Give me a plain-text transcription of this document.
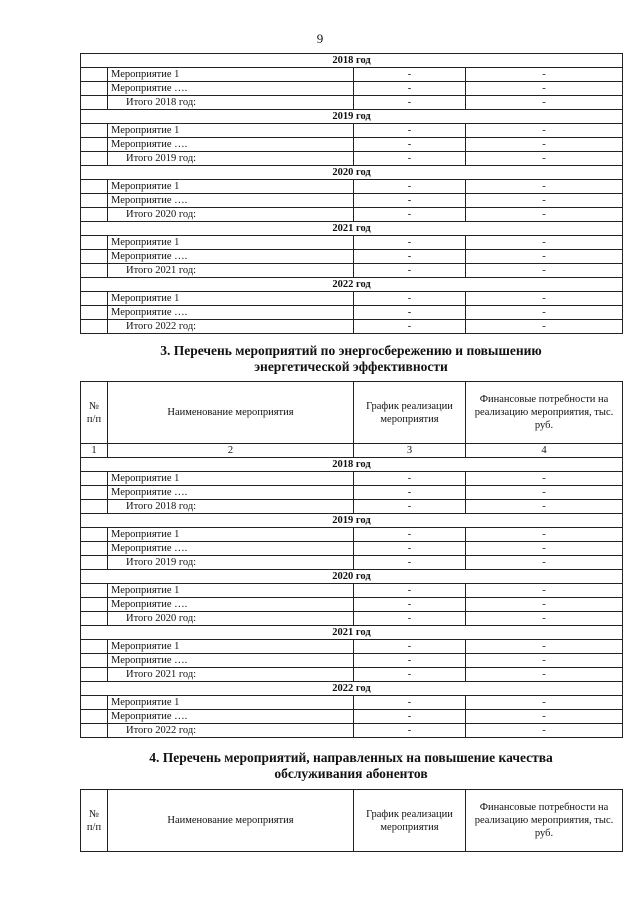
9
2018 год			
	Мероприятие 1	-	-
	Мероприятие ….	-	-
	Итого 2018 год:	-	-
2019 год			
	Мероприятие 1	-	-
	Мероприятие ….	-	-
	Итого 2019 год:	-	-
2020 год			
	Мероприятие 1	-	-
	Мероприятие ….	-	-
	Итого 2020 год:	-	-
2021 год			
	Мероприятие 1	-	-
	Мероприятие ….	-	-
	Итого 2021 год:	-	-
2022 год			
	Мероприятие 1	-	-
	Мероприятие ….	-	-
	Итого 2022 год:	-	-
3. Перечень мероприятий по энергосбережению и повышению
энергетической эффективности
№ п/п	Наименование мероприятия	График реализации мероприятия	Финансовые потребности на реализацию мероприятия, тыс. руб.
1	2	3	4
2018 год			
	Мероприятие 1	-	-
	Мероприятие ….	-	-
	Итого 2018 год:	-	-
2019 год			
	Мероприятие 1	-	-
	Мероприятие ….	-	-
	Итого 2019 год:	-	-
2020 год			
	Мероприятие 1	-	-
	Мероприятие ….	-	-
	Итого 2020 год:	-	-
2021 год			
	Мероприятие 1	-	-
	Мероприятие ….	-	-
	Итого 2021 год:	-	-
2022 год			
	Мероприятие 1	-	-
	Мероприятие ….	-	-
	Итого 2022 год:	-	-
4. Перечень мероприятий, направленных на повышение качества
обслуживания абонентов
№ п/п	Наименование мероприятия	График реализации мероприятия	Финансовые потребности на реализацию мероприятия, тыс. руб.
